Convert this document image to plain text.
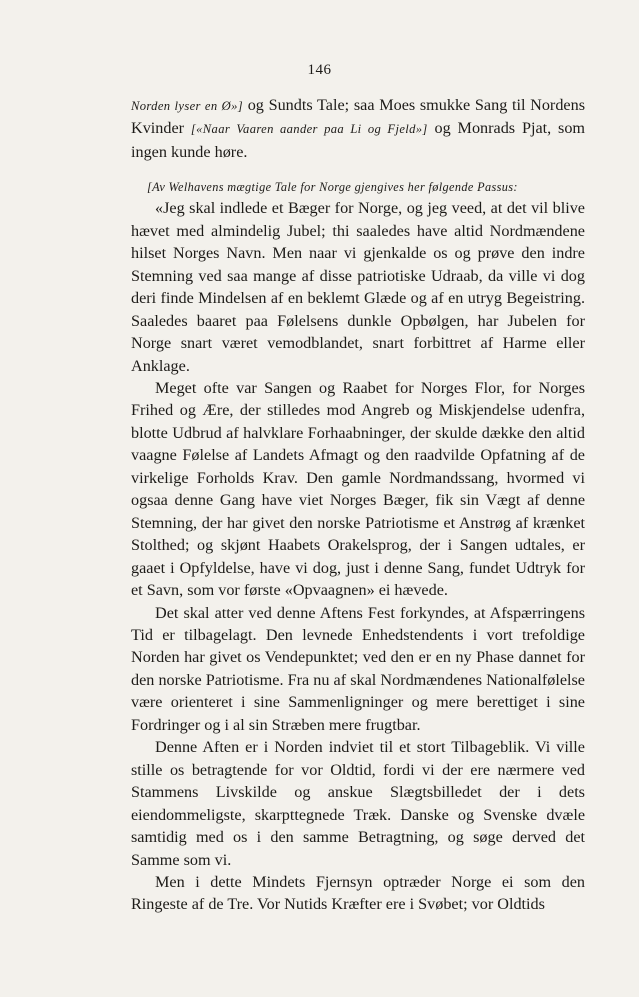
146

Norden lyser en Ø»] og Sundts Tale; saa Moes smukke Sang til Nordens Kvinder [«Naar Vaaren aander paa Li og Fjeld»] og Monrads Pjat, som ingen kunde høre.

[Av Welhavens mægtige Tale for Norge gjengives her følgende Passus:

«Jeg skal indlede et Bæger for Norge, og jeg veed, at det vil blive hævet med almindelig Jubel; thi saaledes have altid Nordmændene hilset Norges Navn. Men naar vi gjenkalde os og prøve den indre Stemning ved saa mange af disse patriotiske Udraab, da ville vi dog deri finde Mindelsen af en beklemt Glæde og af en utryg Begeistring. Saaledes baaret paa Følelsens dunkle Opbølgen, har Jubelen for Norge snart været vemodblandet, snart forbittret af Harme eller Anklage.

Meget ofte var Sangen og Raabet for Norges Flor, for Norges Frihed og Ære, der stilledes mod Angreb og Miskjendelse udenfra, blotte Udbrud af halvklare Forhaabninger, der skulde dække den altid vaagne Følelse af Landets Afmagt og den raadvilde Opfatning af de virkelige Forholds Krav. Den gamle Nordmandssang, hvormed vi ogsaa denne Gang have viet Norges Bæger, fik sin Vægt af denne Stemning, der har givet den norske Patriotisme et Anstrøg af krænket Stolthed; og skjønt Haabets Orakelsprog, der i Sangen udtales, er gaaet i Opfyldelse, have vi dog, just i denne Sang, fundet Udtryk for et Savn, som vor første «Opvaagnen» ei hævede.

Det skal atter ved denne Aftens Fest forkyndes, at Afspærringens Tid er tilbagelagt. Den levnede Enhedstendents i vort trefoldige Norden har givet os Vendepunktet; ved den er en ny Phase dannet for den norske Patriotisme. Fra nu af skal Nordmændenes Nationalfølelse være orienteret i sine Sammenligninger og mere berettiget i sine Fordringer og i al sin Stræben mere frugtbar.

Denne Aften er i Norden indviet til et stort Tilbageblik. Vi ville stille os betragtende for vor Oldtid, fordi vi der ere nærmere ved Stammens Livskilde og anskue Slægtsbilledet der i dets eiendommeligste, skarpttegnede Træk. Danske og Svenske dvæle samtidig med os i den samme Betragtning, og søge derved det Samme som vi.

Men i dette Mindets Fjernsyn optræder Norge ei som den Ringeste af de Tre. Vor Nutids Kræfter ere i Svøbet; vor Oldtids
